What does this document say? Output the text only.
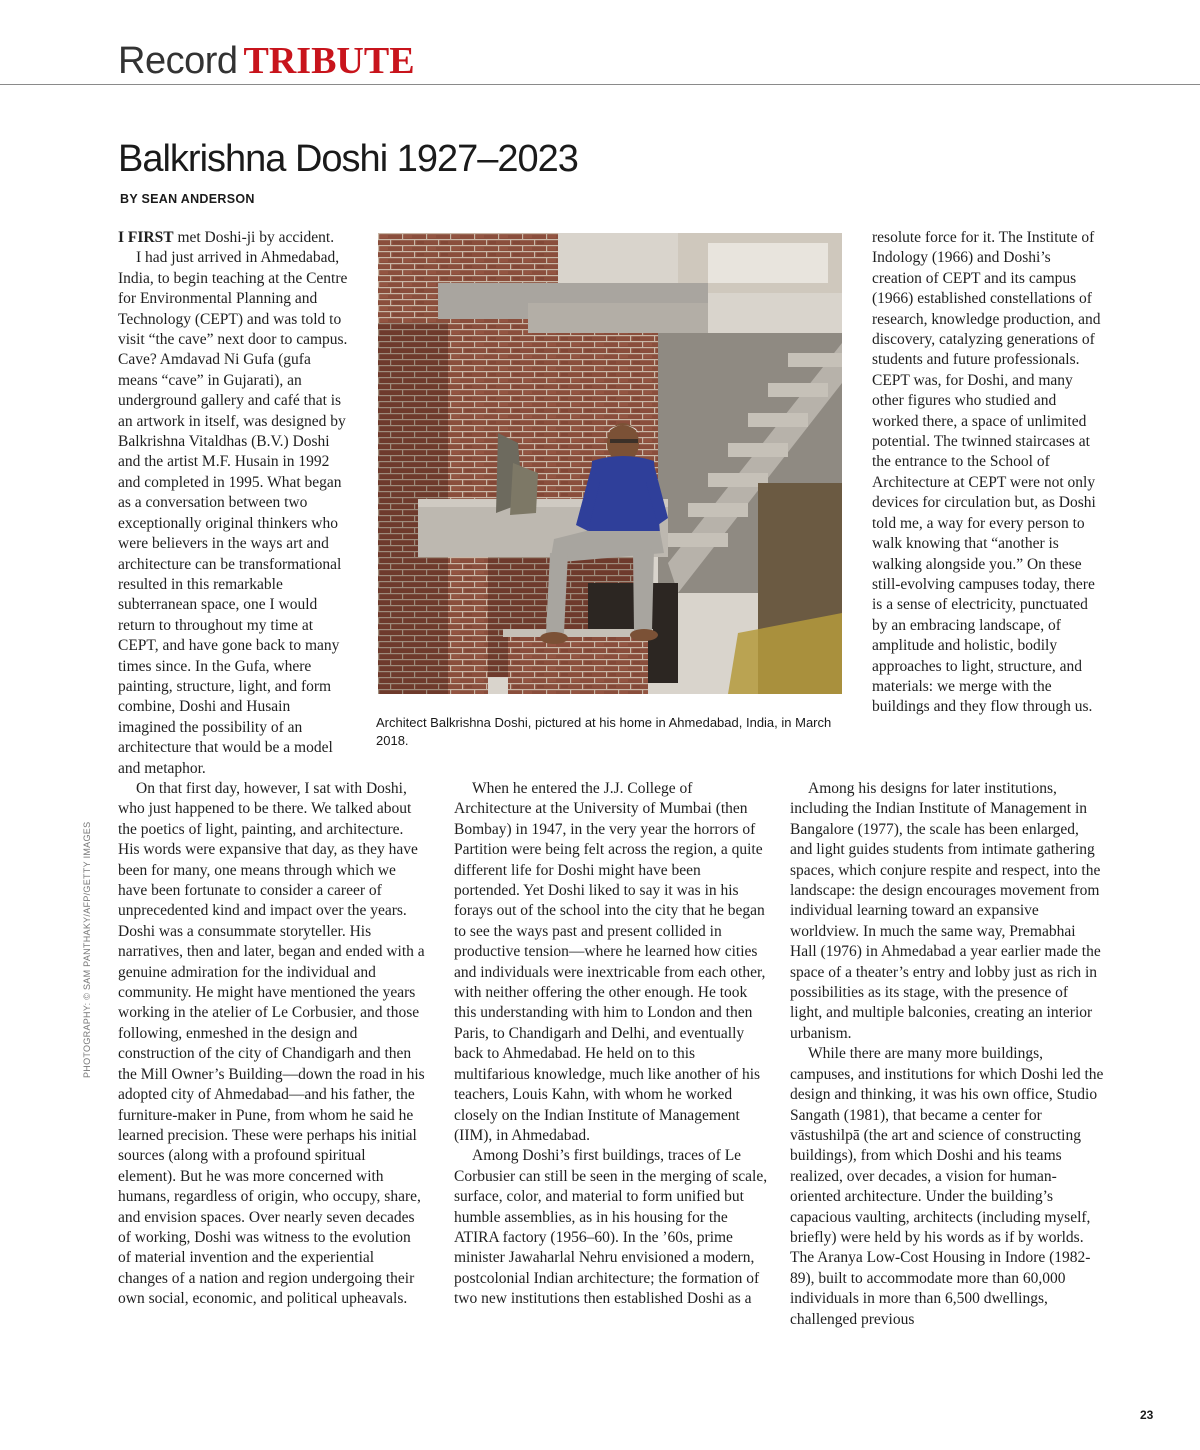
Record TRIBUTE
Balkrishna Doshi 1927–2023
BY SEAN ANDERSON

I FIRST met Doshi-ji by accident.

I had just arrived in Ahmedabad, India, to begin teaching at the Centre for Environmental Planning and Technology (CEPT) and was told to visit “the cave” next door to campus. Cave? Amdavad Ni Gufa (gufa means “cave” in Gujarati), an underground gallery and café that is an artwork in itself, was designed by Balkrishna Vitaldhas (B.V.) Doshi and the artist M.F. Husain in 1992 and completed in 1995. What began as a conversation between two exceptionally original thinkers who were believers in the ways art and architecture can be transformational resulted in this remarkable subterranean space, one I would return to throughout my time at CEPT, and have gone back to many times since. In the Gufa, where painting, structure, light, and form combine, Doshi and Husain imagined the possibility of an architecture that would be a model and metaphor.

On that first day, however, I sat with Doshi, who just happened to be there. We talked about the poetics of light, painting, and architecture. His words were expansive that day, as they have been for many, one means through which we have been fortunate to consider a career of unprecedented kind and impact over the years. Doshi was a consummate storyteller. His narratives, then and later, began and ended with a genuine admiration for the individual and community. He might have mentioned the years working in the atelier of Le Corbusier, and those following, enmeshed in the design and construction of the city of Chandigarh and then the Mill Owner’s Building—down the road in his adopted city of Ahmedabad—and his father, the furniture-maker in Pune, from whom he said he learned precision. These were perhaps his initial sources (along with a profound spiritual element). But he was more concerned with humans, regardless of origin, who occupy, share, and envision spaces. Over nearly seven decades of working, Doshi was witness to the evolution of material invention and the experiential changes of a nation and region undergoing their own social, economic, and political upheavals.

Architect Balkrishna Doshi, pictured at his home in Ahmedabad, India, in March 2018.

When he entered the J.J. College of Architecture at the University of Mumbai (then Bombay) in 1947, in the very year the horrors of Partition were being felt across the region, a quite different life for Doshi might have been portended. Yet Doshi liked to say it was in his forays out of the school into the city that he began to see the ways past and present collided in productive tension—where he learned how cities and individuals were inextricable from each other, with neither offering the other enough. He took this understanding with him to London and then Paris, to Chandigarh and Delhi, and eventually back to Ahmedabad. He held on to this multifarious knowledge, much like another of his teachers, Louis Kahn, with whom he worked closely on the Indian Institute of Management (IIM), in Ahmedabad.

Among Doshi’s first buildings, traces of Le Corbusier can still be seen in the merging of scale, surface, color, and material to form unified but humble assemblies, as in his housing for the ATIRA factory (1956–60). In the ’60s, prime minister Jawaharlal Nehru envisioned a modern, postcolonial Indian architecture; the formation of two new institutions then established Doshi as a

resolute force for it. The Institute of Indology (1966) and Doshi’s creation of CEPT and its campus (1966) established constellations of research, knowledge production, and discovery, catalyzing generations of students and future professionals. CEPT was, for Doshi, and many other figures who studied and worked there, a space of unlimited potential. The twinned staircases at the entrance to the School of Architecture at CEPT were not only devices for circulation but, as Doshi told me, a way for every person to walk knowing that “another is walking alongside you.” On these still-evolving campuses today, there is a sense of electricity, punctuated by an embracing landscape, of amplitude and holistic, bodily approaches to light, structure, and materials: we merge with the buildings and they flow through us.

Among his designs for later institutions, including the Indian Institute of Management in Bangalore (1977), the scale has been enlarged, and light guides students from intimate gathering spaces, which conjure respite and respect, into the landscape: the design encourages movement from individual learning toward an expansive worldview. In much the same way, Premabhai Hall (1976) in Ahmedabad a year earlier made the space of a theater’s entry and lobby just as rich in possibilities as its stage, with the presence of light, and multiple balconies, creating an interior urbanism.

While there are many more buildings, campuses, and institutions for which Doshi led the design and thinking, it was his own office, Studio Sangath (1981), that became a center for vāstushilpā (the art and science of constructing buildings), from which Doshi and his teams realized, over decades, a vision for human-oriented architecture. Under the building’s capacious vaulting, architects (including myself, briefly) were held by his words as if by worlds. The Aranya Low-Cost Housing in Indore (1982-89), built to accommodate more than 60,000 individuals in more than 6,500 dwellings, challenged previous

PHOTOGRAPHY: © SAM PANTHAKY/AFP/GETTY IMAGES
23
